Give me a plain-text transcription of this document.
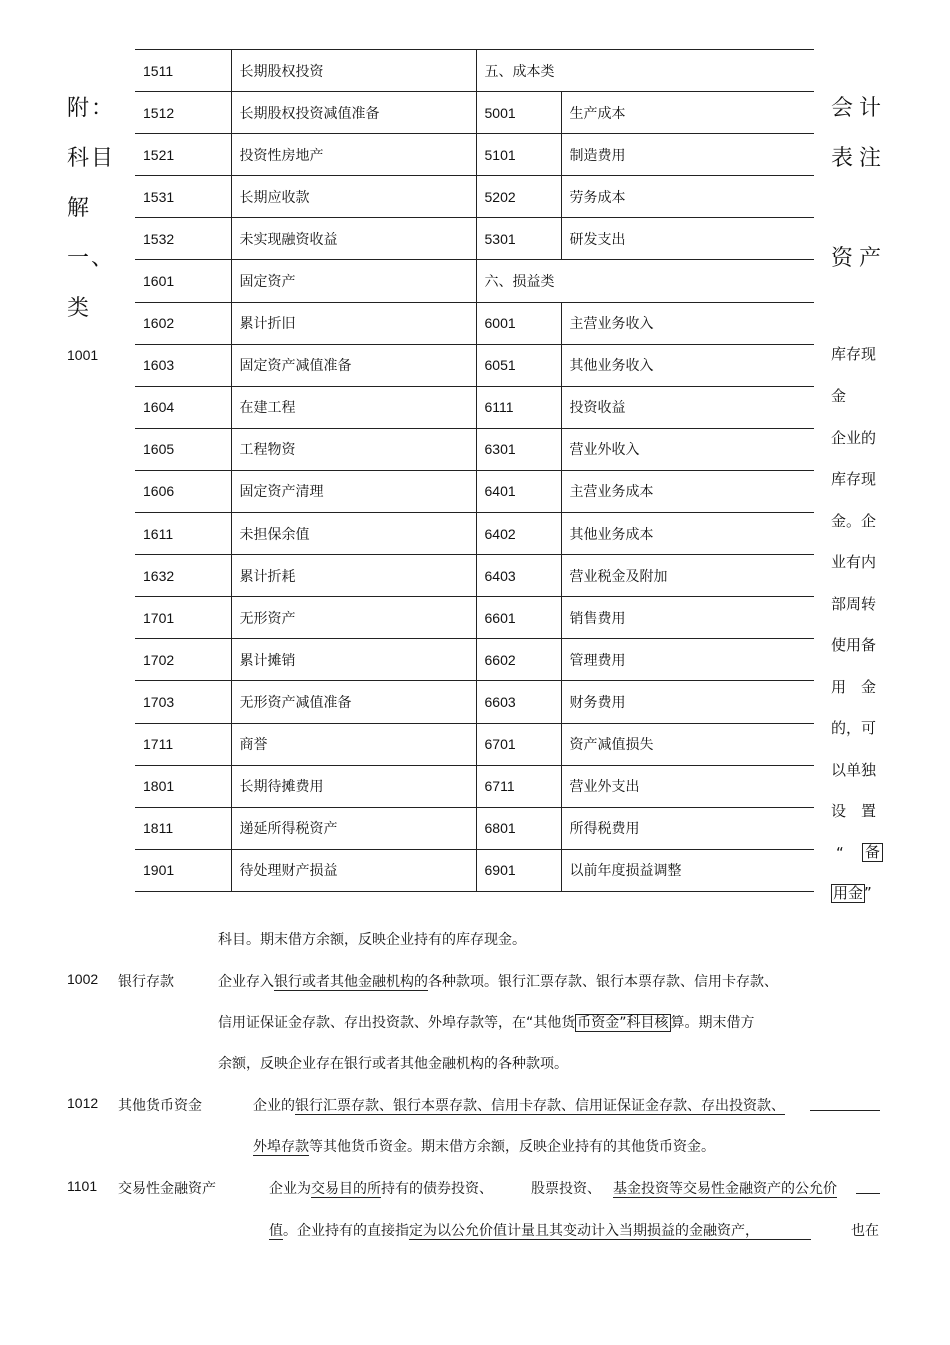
附：
科目
解
一、
类
1001
会计
表注
资产
库存现
金
企业的
库存现
金。企
业有内
部周转
使用备
用　金
的，可
以单独
设　置
“ 备
用金 ”
1511	长期股权投资	五、成本类	
1512	长期股权投资减值准备	5001	生产成本
1521	投资性房地产	5101	制造费用
1531	长期应收款	5202	劳务成本
1532	未实现融资收益	5301	研发支出
1601	固定资产	六、损益类	
1602	累计折旧	6001	主营业务收入
1603	固定资产减值准备	6051	其他业务收入
1604	在建工程	6111	投资收益
1605	工程物资	6301	营业外收入
1606	固定资产清理	6401	主营业务成本
1611	未担保余值	6402	其他业务成本
1632	累计折耗	6403	营业税金及附加
1701	无形资产	6601	销售费用
1702	累计摊销	6602	管理费用
1703	无形资产减值准备	6603	财务费用
1711	商誉	6701	资产减值损失
1801	长期待摊费用	6711	营业外支出
1811	递延所得税资产	6801	所得税费用
1901	待处理财产损益	6901	以前年度损益调整
科目。期末借方余额，反映企业持有的库存现金。
1002 银行存款	企业存入银行或者其他金融机构的各种款项。银行汇票存款、银行本票存款、信用卡存款、
信用证保证金存款、存出投资款、外埠存款等，在“其他货 币资金”科目核 算。期末借方
余额，反映企业存在银行或者其他金融机构的各种款项。
1012 其他货币资金	企业的银行汇票存款、银行本票存款、信用卡存款、信用证保证金存款、存出投资款、
外埠存款等其他货币资金。期末借方余额，反映企业持有的其他货币资金。
1101 交易性金融资产	企业为交易目的所持有的债券投资、	股票投资、 基金投资等交易性金融资产的公允价
值。企业持有的直接指定为以公允价值计量且其变动计入当期损益的金融资产，	也在
